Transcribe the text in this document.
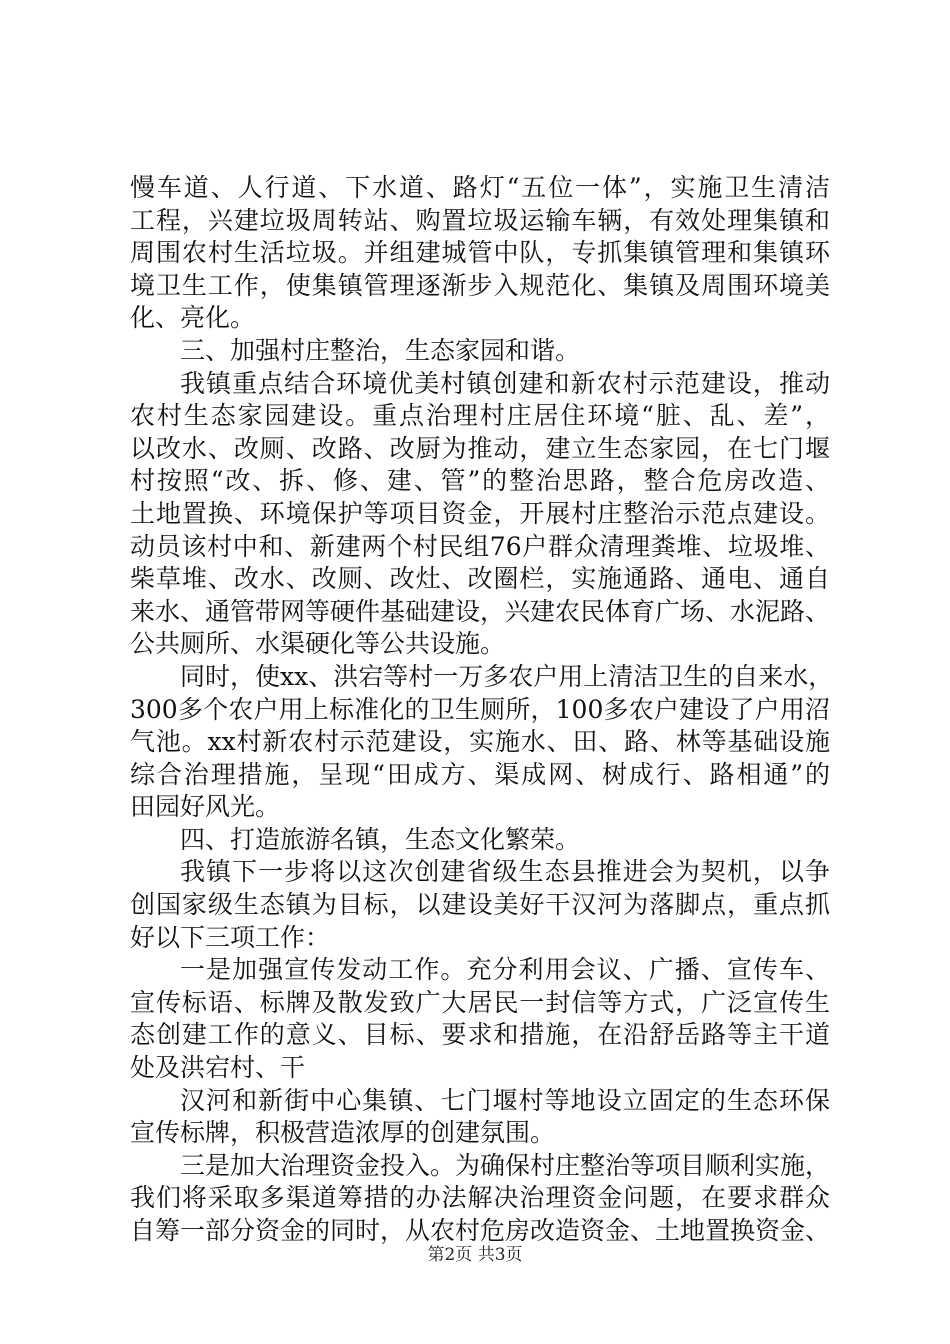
慢车道、人行道、下水道、路灯“五位一体”，实施卫生清洁
工程，兴建垃圾周转站、购置垃圾运输车辆，有效处理集镇和
周围农村生活垃圾。并组建城管中队，专抓集镇管理和集镇环
境卫生工作，使集镇管理逐渐步入规范化、集镇及周围环境美
化、亮化。
三、加强村庄整治，生态家园和谐。
我镇重点结合环境优美村镇创建和新农村示范建设，推动
农村生态家园建设。重点治理村庄居住环境“脏、乱、差”，
以改水、改厕、改路、改厨为推动，建立生态家园，在七门堰
村按照“改、拆、修、建、管”的整治思路，整合危房改造、
土地置换、环境保护等项目资金，开展村庄整治示范点建设。
动员该村中和、新建两个村民组76户群众清理粪堆、垃圾堆、
柴草堆、改水、改厕、改灶、改圈栏，实施通路、通电、通自
来水、通管带网等硬件基础建设，兴建农民体育广场、水泥路、
公共厕所、水渠硬化等公共设施。
同时，使xx、洪宕等村一万多农户用上清洁卫生的自来水，
300多个农户用上标准化的卫生厕所，100多农户建设了户用沼
气池。xx村新农村示范建设，实施水、田、路、林等基础设施
综合治理措施，呈现“田成方、渠成网、树成行、路相通”的
田园好风光。
四、打造旅游名镇，生态文化繁荣。
我镇下一步将以这次创建省级生态县推进会为契机，以争
创国家级生态镇为目标，以建设美好干汉河为落脚点，重点抓
好以下三项工作：
一是加强宣传发动工作。充分利用会议、广播、宣传车、
宣传标语、标牌及散发致广大居民一封信等方式，广泛宣传生
态创建工作的意义、目标、要求和措施，在沿舒岳路等主干道
处及洪宕村、干
汉河和新街中心集镇、七门堰村等地设立固定的生态环保
宣传标牌，积极营造浓厚的创建氛围。
三是加大治理资金投入。为确保村庄整治等项目顺利实施，
我们将采取多渠道筹措的办法解决治理资金问题，在要求群众
自筹一部分资金的同时，从农村危房改造资金、土地置换资金、
第2页 共3页
